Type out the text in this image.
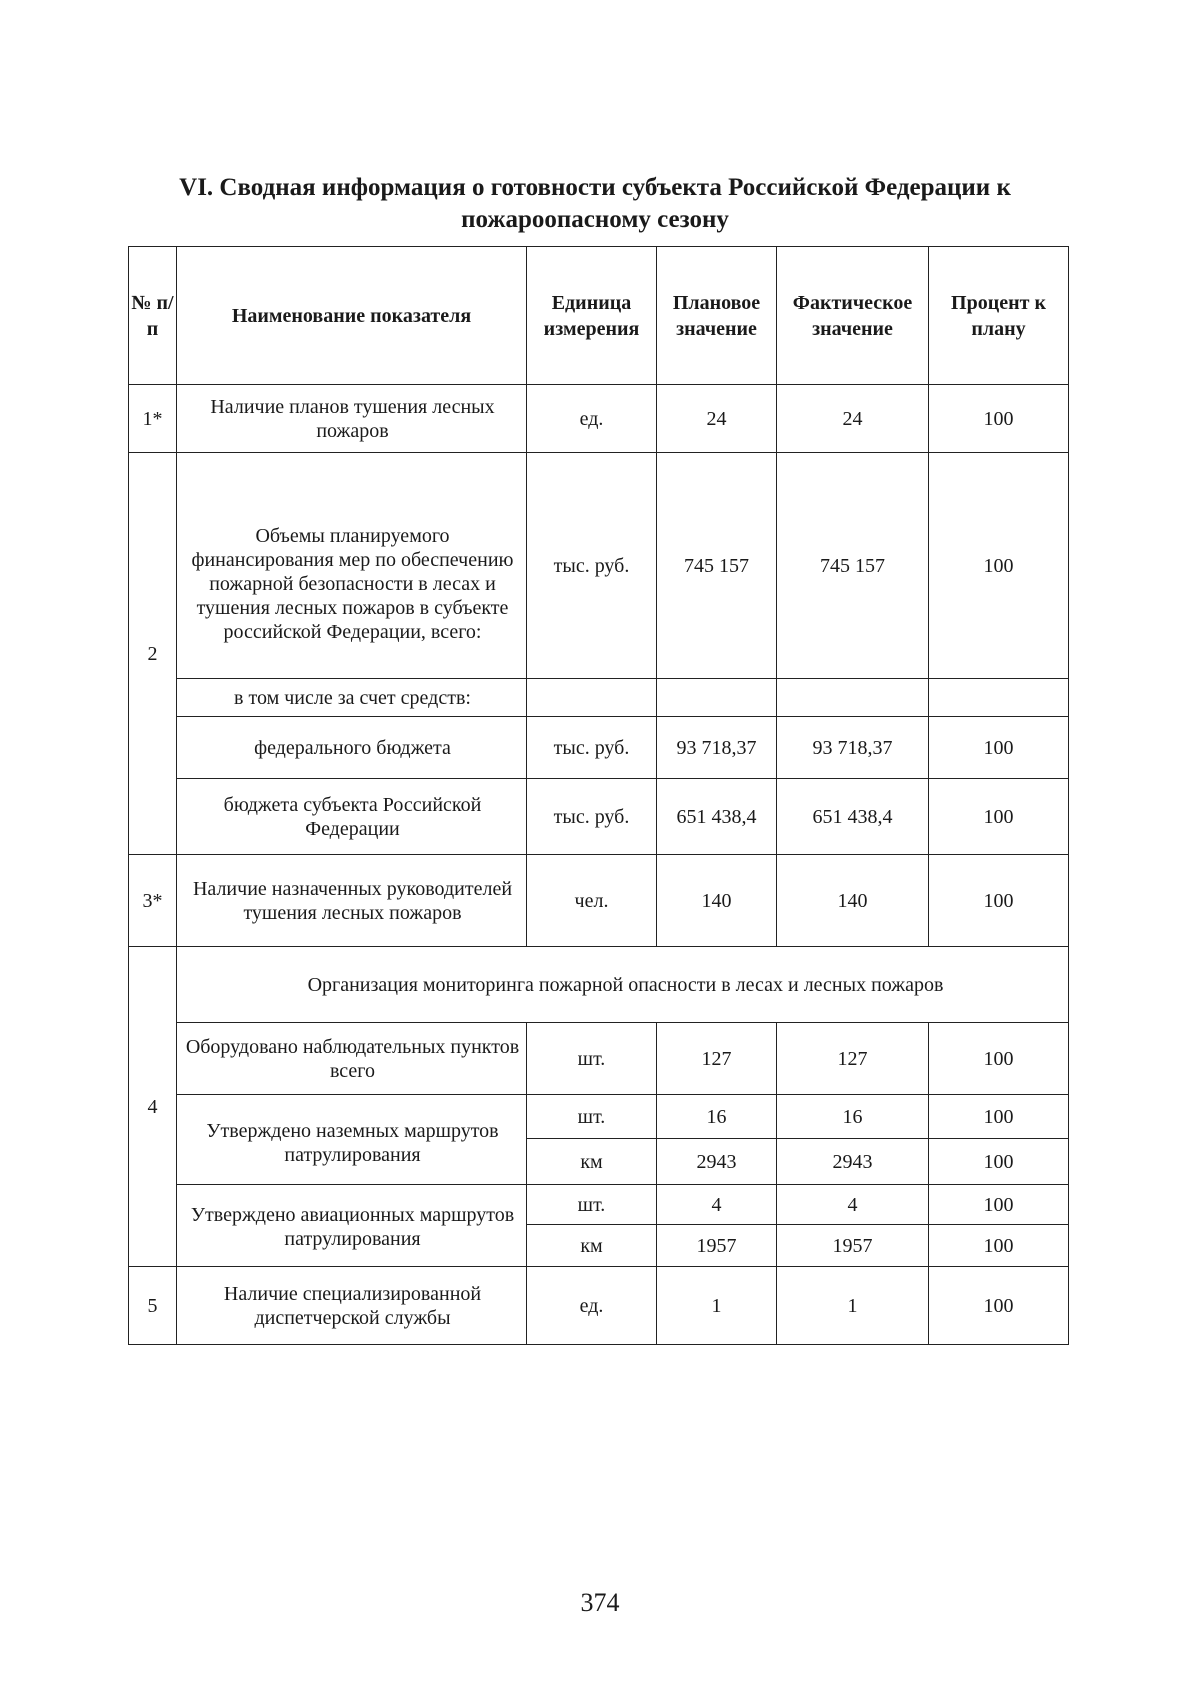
VI. Сводная информация о готовности субъекта Российской Федерации к
пожароопасному сезону
№ п/п	Наименование показателя	Единица измерения	Плановое значение	Фактическое значение	Процент к плану
1*	Наличие планов тушения лесных пожаров	ед.	24	24	100
2	Объемы планируемого финансирования мер по обеспечению пожарной безопасности в лесах и тушения лесных пожаров в субъекте российской Федерации, всего:	тыс. руб.	745 157	745 157	100
	в том числе за счет средств:				
	федерального бюджета	тыс. руб.	93 718,37	93 718,37	100
	бюджета субъекта Российской Федерации	тыс. руб.	651 438,4	651 438,4	100
3*	Наличие назначенных руководителей тушения лесных пожаров	чел.	140	140	100
4	Организация мониторинга пожарной опасности в лесах и лесных пожаров				
	Оборудовано наблюдательных пунктов всего	шт.	127	127	100
	Утверждено наземных маршрутов патрулирования	шт.	16	16	100
		км	2943	2943	100
	Утверждено авиационных маршрутов патрулирования	шт.	4	4	100
		км	1957	1957	100
5	Наличие специализированной диспетчерской службы	ед.	1	1	100
374
